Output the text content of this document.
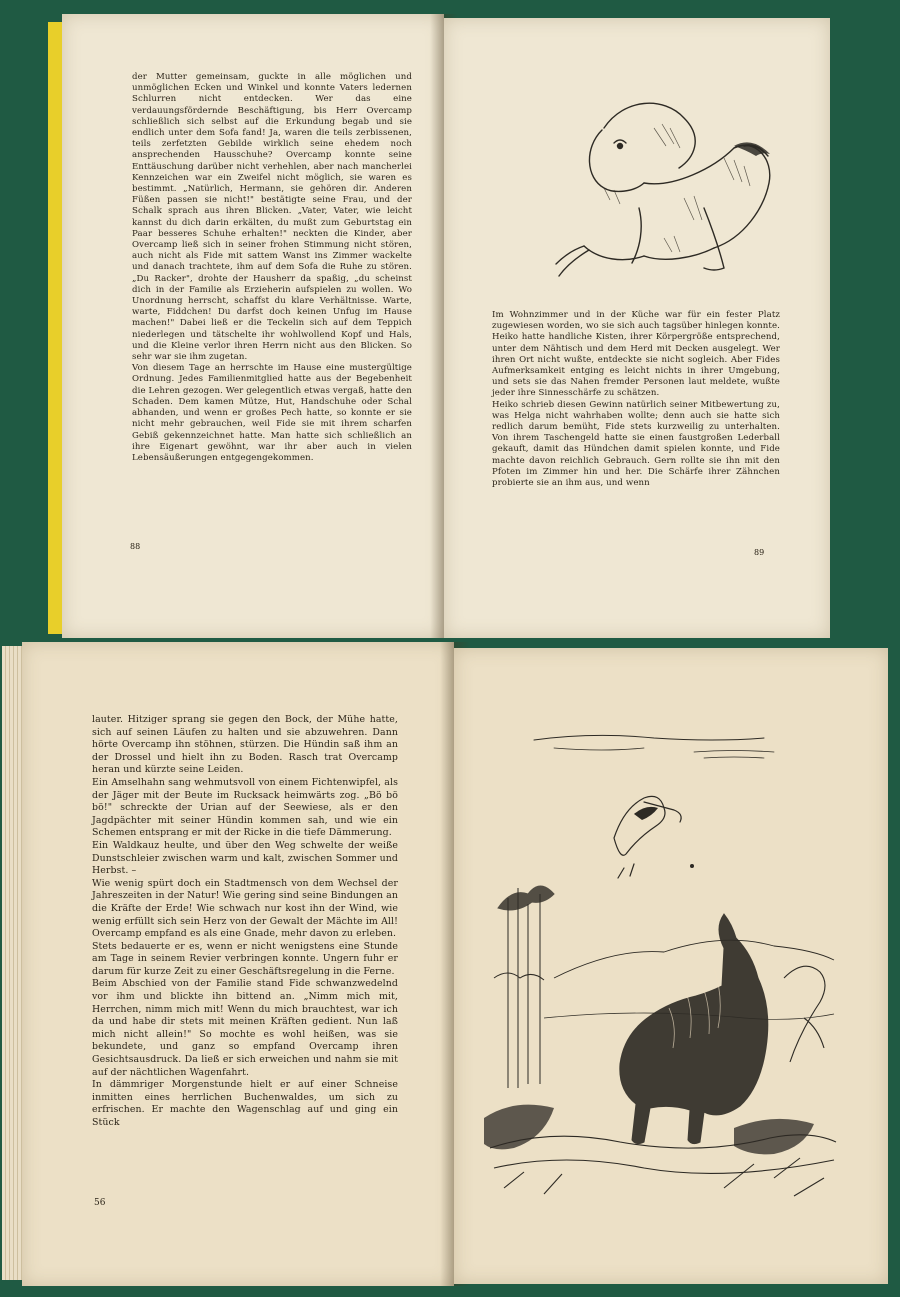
der Mutter gemeinsam, guckte in alle möglichen und unmöglichen Ecken und Winkel und konnte Vaters ledernen Schlurren nicht entdecken. Wer das eine verdauungsfördernde Beschäftigung, bis Herr Overcamp schließlich sich selbst auf die Erkundung begab und sie endlich unter dem Sofa fand! Ja, waren die teils zerbissenen, teils zerfetzten Gebilde wirklich seine ehedem noch ansprechenden Hausschuhe? Overcamp konnte seine Enttäuschung darüber nicht verhehlen, aber nach mancherlei Kennzeichen war ein Zweifel nicht möglich, sie waren es bestimmt. „Natürlich, Hermann, sie gehören dir. Anderen Füßen passen sie nicht!" bestätigte seine Frau, und der Schalk sprach aus ihren Blicken. „Vater, Vater, wie leicht kannst du dich darin erkälten, du mußt zum Geburtstag ein Paar besseres Schuhe erhalten!" neckten die Kinder, aber Overcamp ließ sich in seiner frohen Stimmung nicht stören, auch nicht als Fide mit sattem Wanst ins Zimmer wackelte und danach trachtete, ihm auf dem Sofa die Ruhe zu stören. „Du Racker", drohte der Hausherr da spaßig, „du scheinst dich in der Familie als Erzieherin aufspielen zu wollen. Wo Unordnung herrscht, schaffst du klare Verhältnisse. Warte, warte, Fiddchen! Du darfst doch keinen Unfug im Hause machen!" Dabei ließ er die Teckelin sich auf dem Teppich niederlegen und tätschelte ihr wohlwollend Kopf und Hals, und die Kleine verlor ihren Herrn nicht aus den Blicken. So sehr war sie ihm zugetan.
Von diesem Tage an herrschte im Hause eine mustergültige Ordnung. Jedes Familienmitglied hatte aus der Begebenheit die Lehren gezogen. Wer gelegentlich etwas vergaß, hatte den Schaden. Dem kamen Mütze, Hut, Handschuhe oder Schal abhanden, und wenn er großes Pech hatte, so konnte er sie nicht mehr gebrauchen, weil Fide sie mit ihrem scharfen Gebiß gekennzeichnet hatte. Man hatte sich schließlich an ihre Eigenart gewöhnt, war ihr aber auch in vielen Lebensäußerungen entgegengekommen.
88
Im Wohnzimmer und in der Küche war für ein fester Platz zugewiesen worden, wo sie sich auch tagsüber hinlegen konnte. Heiko hatte handliche Kisten, ihrer Körpergröße entsprechend, unter dem Nähtisch und dem Herd mit Decken ausgelegt. Wer ihren Ort nicht wußte, entdeckte sie nicht sogleich. Aber Fides Aufmerksamkeit entging es leicht nichts in ihrer Umgebung, und sets sie das Nahen fremder Personen laut meldete, wußte jeder ihre Sinnesschärfe zu schätzen.
Heiko schrieb diesen Gewinn natürlich seiner Mitbewertung zu, was Helga nicht wahrhaben wollte; denn auch sie hatte sich redlich darum bemüht, Fide stets kurzweilig zu unterhalten. Von ihrem Taschengeld hatte sie einen faustgroßen Lederball gekauft, damit das Hündchen damit spielen konnte, und Fide machte davon reichlich Gebrauch. Gern rollte sie ihn mit den Pfoten im Zimmer hin und her. Die Schärfe ihrer Zähnchen probierte sie an ihm aus, und wenn
89
lauter. Hitziger sprang sie gegen den Bock, der Mühe hatte, sich auf seinen Läufen zu halten und sie abzuwehren. Dann hörte Overcamp ihn stöhnen, stürzen. Die Hündin saß ihm an der Drossel und hielt ihn zu Boden. Rasch trat Overcamp heran und kürzte seine Leiden.
Ein Amselhahn sang wehmutsvoll von einem Fichtenwipfel, als der Jäger mit der Beute im Rucksack heimwärts zog. „Bö bö bö!" schreckte der Urian auf der Seewiese, als er den Jagdpächter mit seiner Hündin kommen sah, und wie ein Schemen entsprang er mit der Ricke in die tiefe Dämmerung.
Ein Waldkauz heulte, und über den Weg schwelte der weiße Dunstschleier zwischen warm und kalt, zwischen Sommer und Herbst. –
Wie wenig spürt doch ein Stadtmensch von dem Wechsel der Jahreszeiten in der Natur! Wie gering sind seine Bindungen an die Kräfte der Erde! Wie schwach nur kost ihn der Wind, wie wenig erfüllt sich sein Herz von der Gewalt der Mächte im All! Overcamp empfand es als eine Gnade, mehr davon zu erleben.
Stets bedauerte er es, wenn er nicht wenigstens eine Stunde am Tage in seinem Revier verbringen konnte. Ungern fuhr er darum für kurze Zeit zu einer Geschäftsregelung in die Ferne.
Beim Abschied von der Familie stand Fide schwanzwedelnd vor ihm und blickte ihn bittend an. „Nimm mich mit, Herrchen, nimm mich mit! Wenn du mich brauchtest, war ich da und habe dir stets mit meinen Kräften gedient. Nun laß mich nicht allein!" So mochte es wohl heißen, was sie bekundete, und ganz so empfand Overcamp ihren Gesichtsausdruck. Da ließ er sich erweichen und nahm sie mit auf der nächtlichen Wagenfahrt.
In dämmriger Morgenstunde hielt er auf einer Schneise inmitten eines herrlichen Buchenwaldes, um sich zu erfrischen. Er machte den Wagenschlag auf und ging ein Stück
56
